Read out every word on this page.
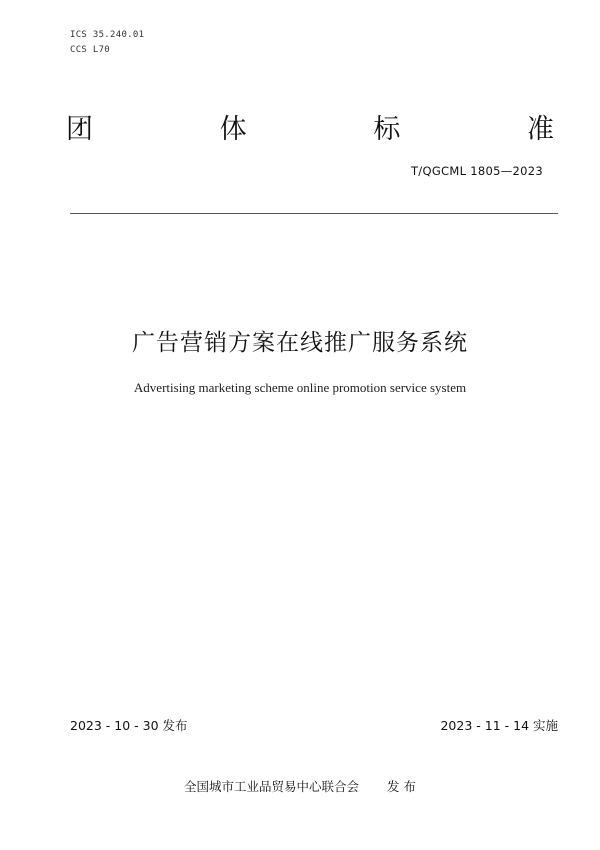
ICS 35.240.01
CCS L70
团	体	标	准
T/QGCML 1805—2023
广告营销方案在线推广服务系统
Advertising marketing scheme online promotion service system
2023 - 10 - 30 发布	2023 - 11 - 14 实施
全国城市工业品贸易中心联合会 发 布
